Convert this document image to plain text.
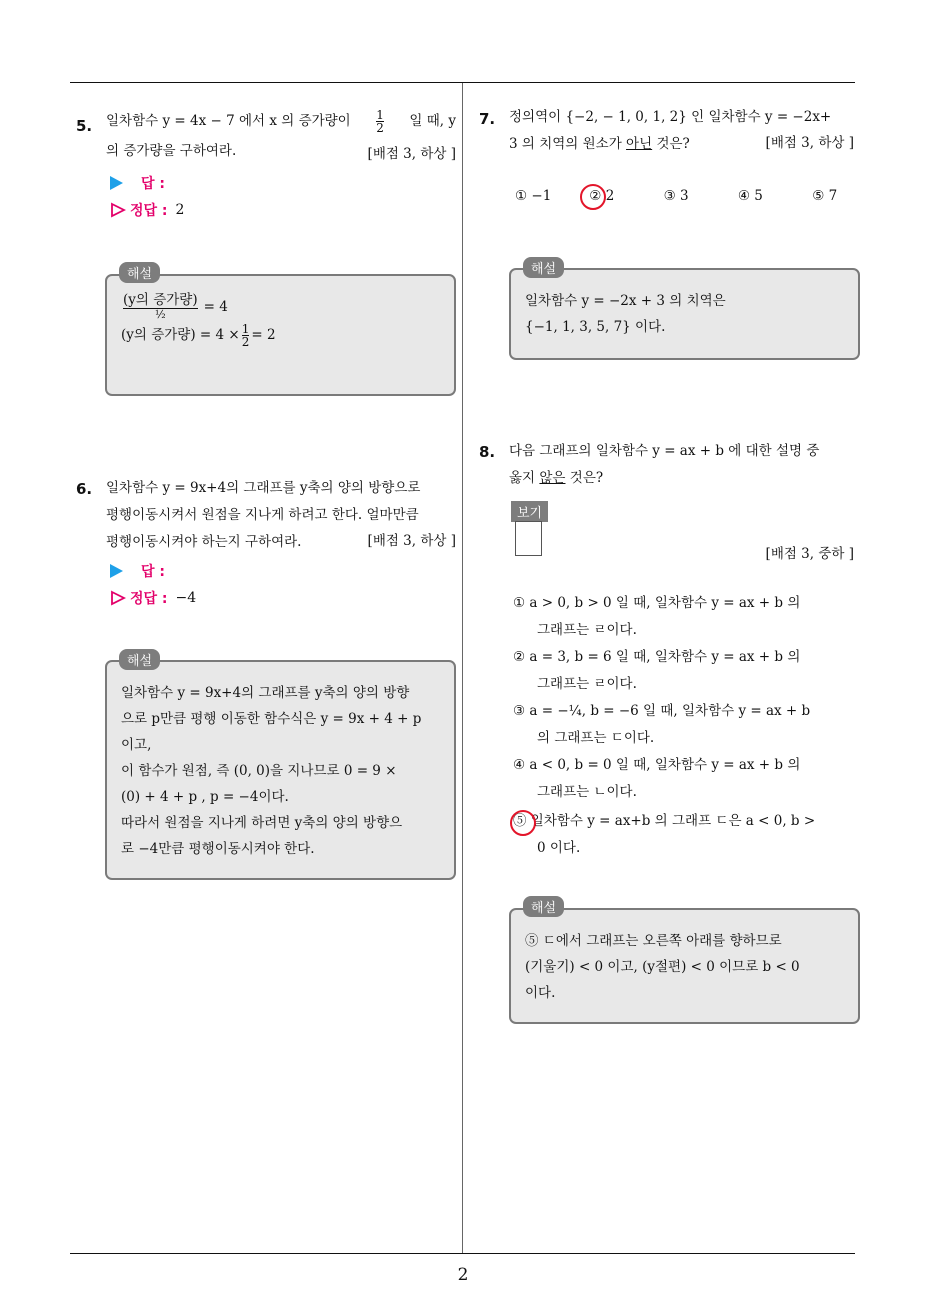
2
5. 일차함수 y = 4x − 7 에서 x 의 증가량이 $\frac{1}{2}$ 일 때, y
의 증가량을 구하여라.	[배점 3, 하상 ]
답 :
정답 : 2
$\frac{\text{(y의 증가량)}}{\text{½}} = 4$
(y의 증가량) = $4 \times \frac{1}{2} = 2$
해설
6. 일차함수 y = 9x+4의 그래프를 y축의 양의 방향으로
평행이동시켜서 원점을 지나게 하려고 한다. 얼마만큼
평행이동시켜야 하는지 구하여라.	[배점 3, 하상 ]
답 :
정답 : −4
일차함수 y = 9x+4의 그래프를 y축의 양의 방향
으로 p만큼 평행 이동한 함수식은 y = 9x + 4 + p
이고,
이 함수가 원점, 즉 (0, 0)을 지나므로 0 = 9 ×
(0) + 4 + p , p = −4이다.
따라서 원점을 지나게 하려면 y축의 양의 방향으
로 −4만큼 평행이동시켜야 한다.
해설
7. 정의역이 {−2, − 1, 0, 1, 2} 인 일차함수 y = −2x+
3 의 치역의 원소가 아닌 것은?	[배점 3, 하상 ]
① −1	② 2	③ 3	④ 5	⑤ 7
일차함수 y = −2x + 3 의 치역은
{−1, 1, 3, 5, 7} 이다.
해설
8. 다음 그래프의 일차함수 y = ax + b 에 대한 설명 중
옳지 않은 것은?
보기
[배점 3, 중하 ]
① a > 0, b > 0 일 때, 일차함수 y = ax + b 의
그래프는 ㄹ이다.
② a = 3, b = 6 일 때, 일차함수 y = ax + b 의
그래프는 ㄹ이다.
③ a = −¼, b = −6 일 때, 일차함수 y = ax + b
의 그래프는 ㄷ이다.
④ a < 0, b = 0 일 때, 일차함수 y = ax + b 의
그래프는 ㄴ이다.
⑤ 일차함수 y = ax+b 의 그래프 ㄷ은 a < 0, b >
0 이다.
⑤ ㄷ에서 그래프는 오른쪽 아래를 향하므로
(기울기) < 0 이고, (y절편) < 0 이므로 b < 0
이다.
해설
